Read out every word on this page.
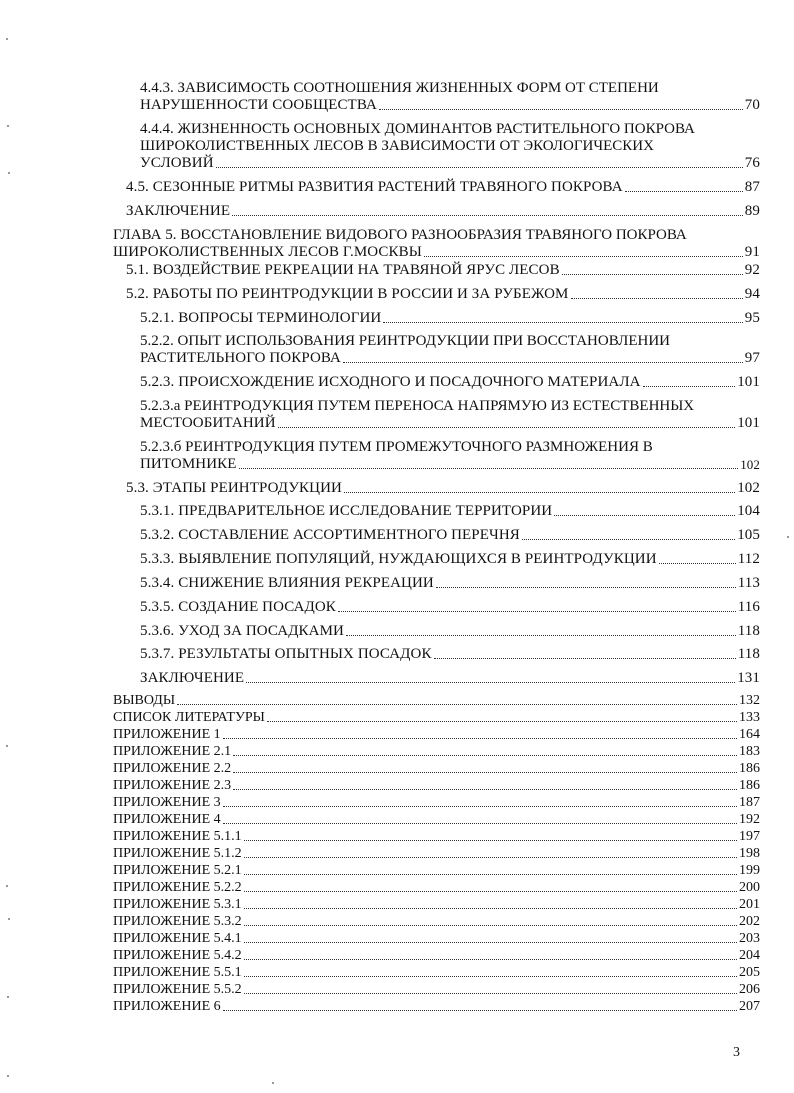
4.4.3. ЗАВИСИМОСТЬ СООТНОШЕНИЯ ЖИЗНЕННЫХ ФОРМ ОТ СТЕПЕНИ
НАРУШЕННОСТИ СООБЩЕСТВА	70
4.4.4. ЖИЗНЕННОСТЬ ОСНОВНЫХ ДОМИНАНТОВ РАСТИТЕЛЬНОГО ПОКРОВА
ШИРОКОЛИСТВЕННЫХ ЛЕСОВ В ЗАВИСИМОСТИ ОТ ЭКОЛОГИЧЕСКИХ
УСЛОВИЙ	76
4.5. СЕЗОННЫЕ РИТМЫ РАЗВИТИЯ РАСТЕНИЙ ТРАВЯНОГО ПОКРОВА	87
ЗАКЛЮЧЕНИЕ	89
ГЛАВА 5. ВОССТАНОВЛЕНИЕ ВИДОВОГО РАЗНООБРАЗИЯ ТРАВЯНОГО ПОКРОВА
ШИРОКОЛИСТВЕННЫХ ЛЕСОВ Г.МОСКВЫ	91
5.1. ВОЗДЕЙСТВИЕ РЕКРЕАЦИИ НА ТРАВЯНОЙ ЯРУС ЛЕСОВ	92
5.2. РАБОТЫ ПО РЕИНТРОДУКЦИИ В РОССИИ И ЗА РУБЕЖОМ	94
5.2.1. ВОПРОСЫ ТЕРМИНОЛОГИИ	95
5.2.2. ОПЫТ ИСПОЛЬЗОВАНИЯ РЕИНТРОДУКЦИИ ПРИ ВОССТАНОВЛЕНИИ
РАСТИТЕЛЬНОГО ПОКРОВА	97
5.2.3. ПРОИСХОЖДЕНИЕ ИСХОДНОГО И ПОСАДОЧНОГО МАТЕРИАЛА	101
5.2.3.а РЕИНТРОДУКЦИЯ ПУТЕМ ПЕРЕНОСА НАПРЯМУЮ ИЗ ЕСТЕСТВЕННЫХ
МЕСТООБИТАНИЙ	101
5.2.3.б РЕИНТРОДУКЦИЯ ПУТЕМ ПРОМЕЖУТОЧНОГО РАЗМНОЖЕНИЯ В
ПИТОМНИКЕ	102
5.3. ЭТАПЫ РЕИНТРОДУКЦИИ	102
5.3.1. ПРЕДВАРИТЕЛЬНОЕ ИССЛЕДОВАНИЕ ТЕРРИТОРИИ	104
5.3.2. СОСТАВЛЕНИЕ АССОРТИМЕНТНОГО ПЕРЕЧНЯ	105
5.3.3. ВЫЯВЛЕНИЕ ПОПУЛЯЦИЙ, НУЖДАЮЩИХСЯ В РЕИНТРОДУКЦИИ	112
5.3.4. СНИЖЕНИЕ ВЛИЯНИЯ РЕКРЕАЦИИ	113
5.3.5. СОЗДАНИЕ ПОСАДОК	116
5.3.6. УХОД ЗА ПОСАДКАМИ	118
5.3.7. РЕЗУЛЬТАТЫ ОПЫТНЫХ ПОСАДОК	118
ЗАКЛЮЧЕНИЕ	131
ВЫВОДЫ	132
СПИСОК ЛИТЕРАТУРЫ	133
ПРИЛОЖЕНИЕ 1	164
ПРИЛОЖЕНИЕ 2.1	183
ПРИЛОЖЕНИЕ 2.2	186
ПРИЛОЖЕНИЕ 2.3	186
ПРИЛОЖЕНИЕ 3	187
ПРИЛОЖЕНИЕ 4	192
ПРИЛОЖЕНИЕ 5.1.1	197
ПРИЛОЖЕНИЕ 5.1.2	198
ПРИЛОЖЕНИЕ 5.2.1	199
ПРИЛОЖЕНИЕ 5.2.2	200
ПРИЛОЖЕНИЕ 5.3.1	201
ПРИЛОЖЕНИЕ 5.3.2	202
ПРИЛОЖЕНИЕ 5.4.1	203
ПРИЛОЖЕНИЕ 5.4.2	204
ПРИЛОЖЕНИЕ 5.5.1	205
ПРИЛОЖЕНИЕ 5.5.2	206
ПРИЛОЖЕНИЕ 6	207
3
